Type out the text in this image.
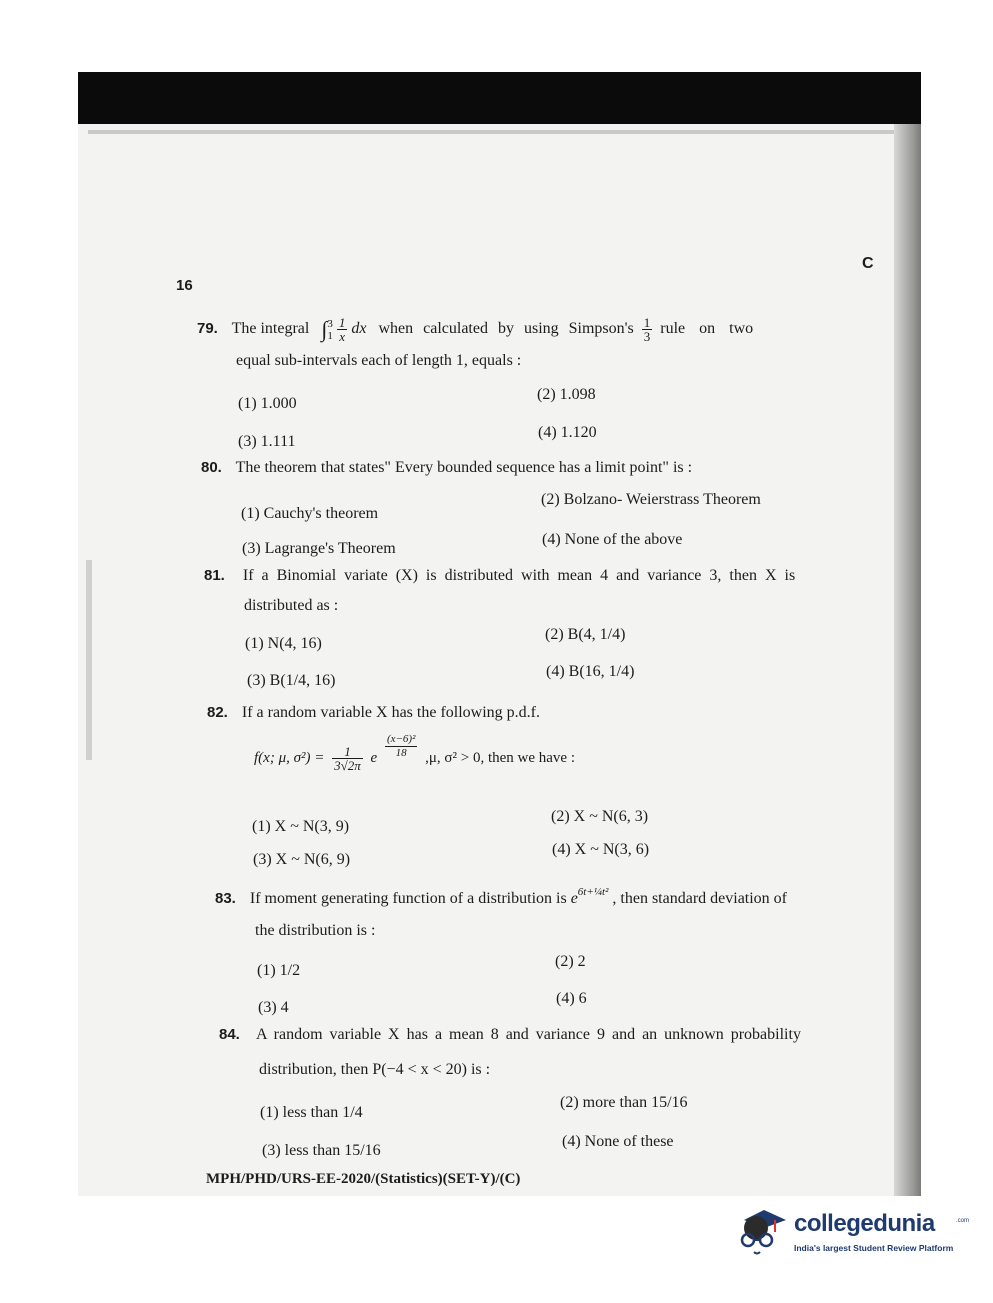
16
C
79. The integral ∫ 3
$1 \frac{1}{x}$ dx when calculated by using Simpson's $\frac{1}{3}$ rule on two
equal sub-intervals each of length 1, equals :
(1) 1.000
(2) 1.098
(3) 1.111
(4) 1.120
80. The theorem that states" Every bounded sequence has a limit point" is :
(1) Cauchy's theorem
(2) Bolzano- Weierstrass Theorem
(3) Lagrange's Theorem
(4) None of the above
81. If a Binomial variate (X) is distributed with mean 4 and variance 3, then X is
distributed as :
(1) N(4, 16)
(2) B(4, 1/4)
(3) B(1/4, 16)
(4) B(16, 1/4)
82. If a random variable X has the following p.d.f.
f(x; μ, $\sigma^2) = \frac{1}{3√2\pi}$ e $\frac{\text{(x−6)²}}{18} ,\mu$, σ² > 0, then we have :
(1) X ~ N(3, 9)
(2) X ~ N(6, 3)
(3) X ~ N(6, 9)
(4) X ~ N(3, 6)
83. If moment generating function of a distribution is $e^{6t+\frac{1}{4}t^2}$ , then standard deviation of
the distribution is :
(1) 1/2
(2) 2
(3) 4
(4) 6
84. A random variable X has a mean 8 and variance 9 and an unknown probability
distribution, then P(−4 < x < 20) is :
(1) less than 1/4
(2) more than 15/16
(3) less than 15/16
(4) None of these
MPH/PHD/URS-EE-2020/(Statistics)(SET-Y)/(C)
collegedunia	.com
India's largest Student Review Platform
